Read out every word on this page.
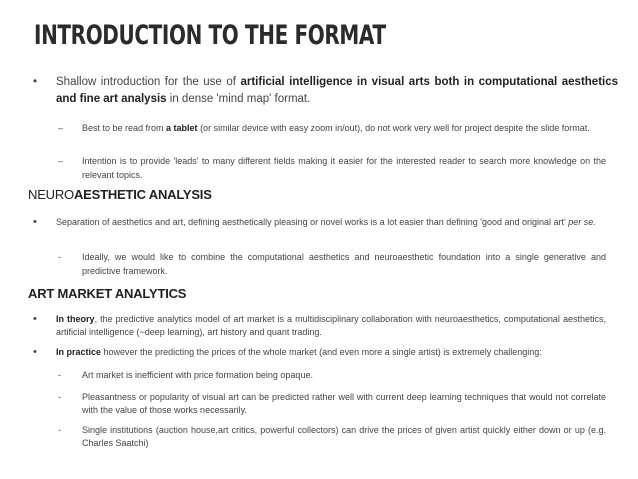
INTRODUCTION TO THE FORMAT
• Shallow introduction for the use of artificial intelligence in visual arts both in computational aesthetics and fine art analysis in dense 'mind map' format.
– Best to be read from a tablet (or similar device with easy zoom in/out), do not work very well for project despite the slide format.
– Intention is to provide 'leads' to many different fields making it easier for the interested reader to search more knowledge on the relevant topics.
NEUROAESTHETIC ANALYSIS
• Separation of aesthetics and art, defining aesthetically pleasing or novel works is a lot easier than defining 'good and original art' per se.
- Ideally, we would like to combine the computational aesthetics and neuroaesthetic foundation into a single generative and predictive framework.
ART MARKET ANALYTICS
• In theory, the predictive analytics model of art market is a multidisciplinary collaboration with neuroaesthetics, computational aesthetics, artificial intelligence (~deep learning), art history and quant trading.
• In practice however the predicting the prices of the whole market (and even more a single artist) is extremely challenging:
- Art market is inefficient with price formation being opaque.
- Pleasantness or popularity of visual art can be predicted rather well with current deep learning techniques that would not correlate with the value of those works necessarily.
- Single institutions (auction house,art critics, powerful collectors) can drive the prices of given artist quickly either down or up (e.g. Charles Saatchi)
